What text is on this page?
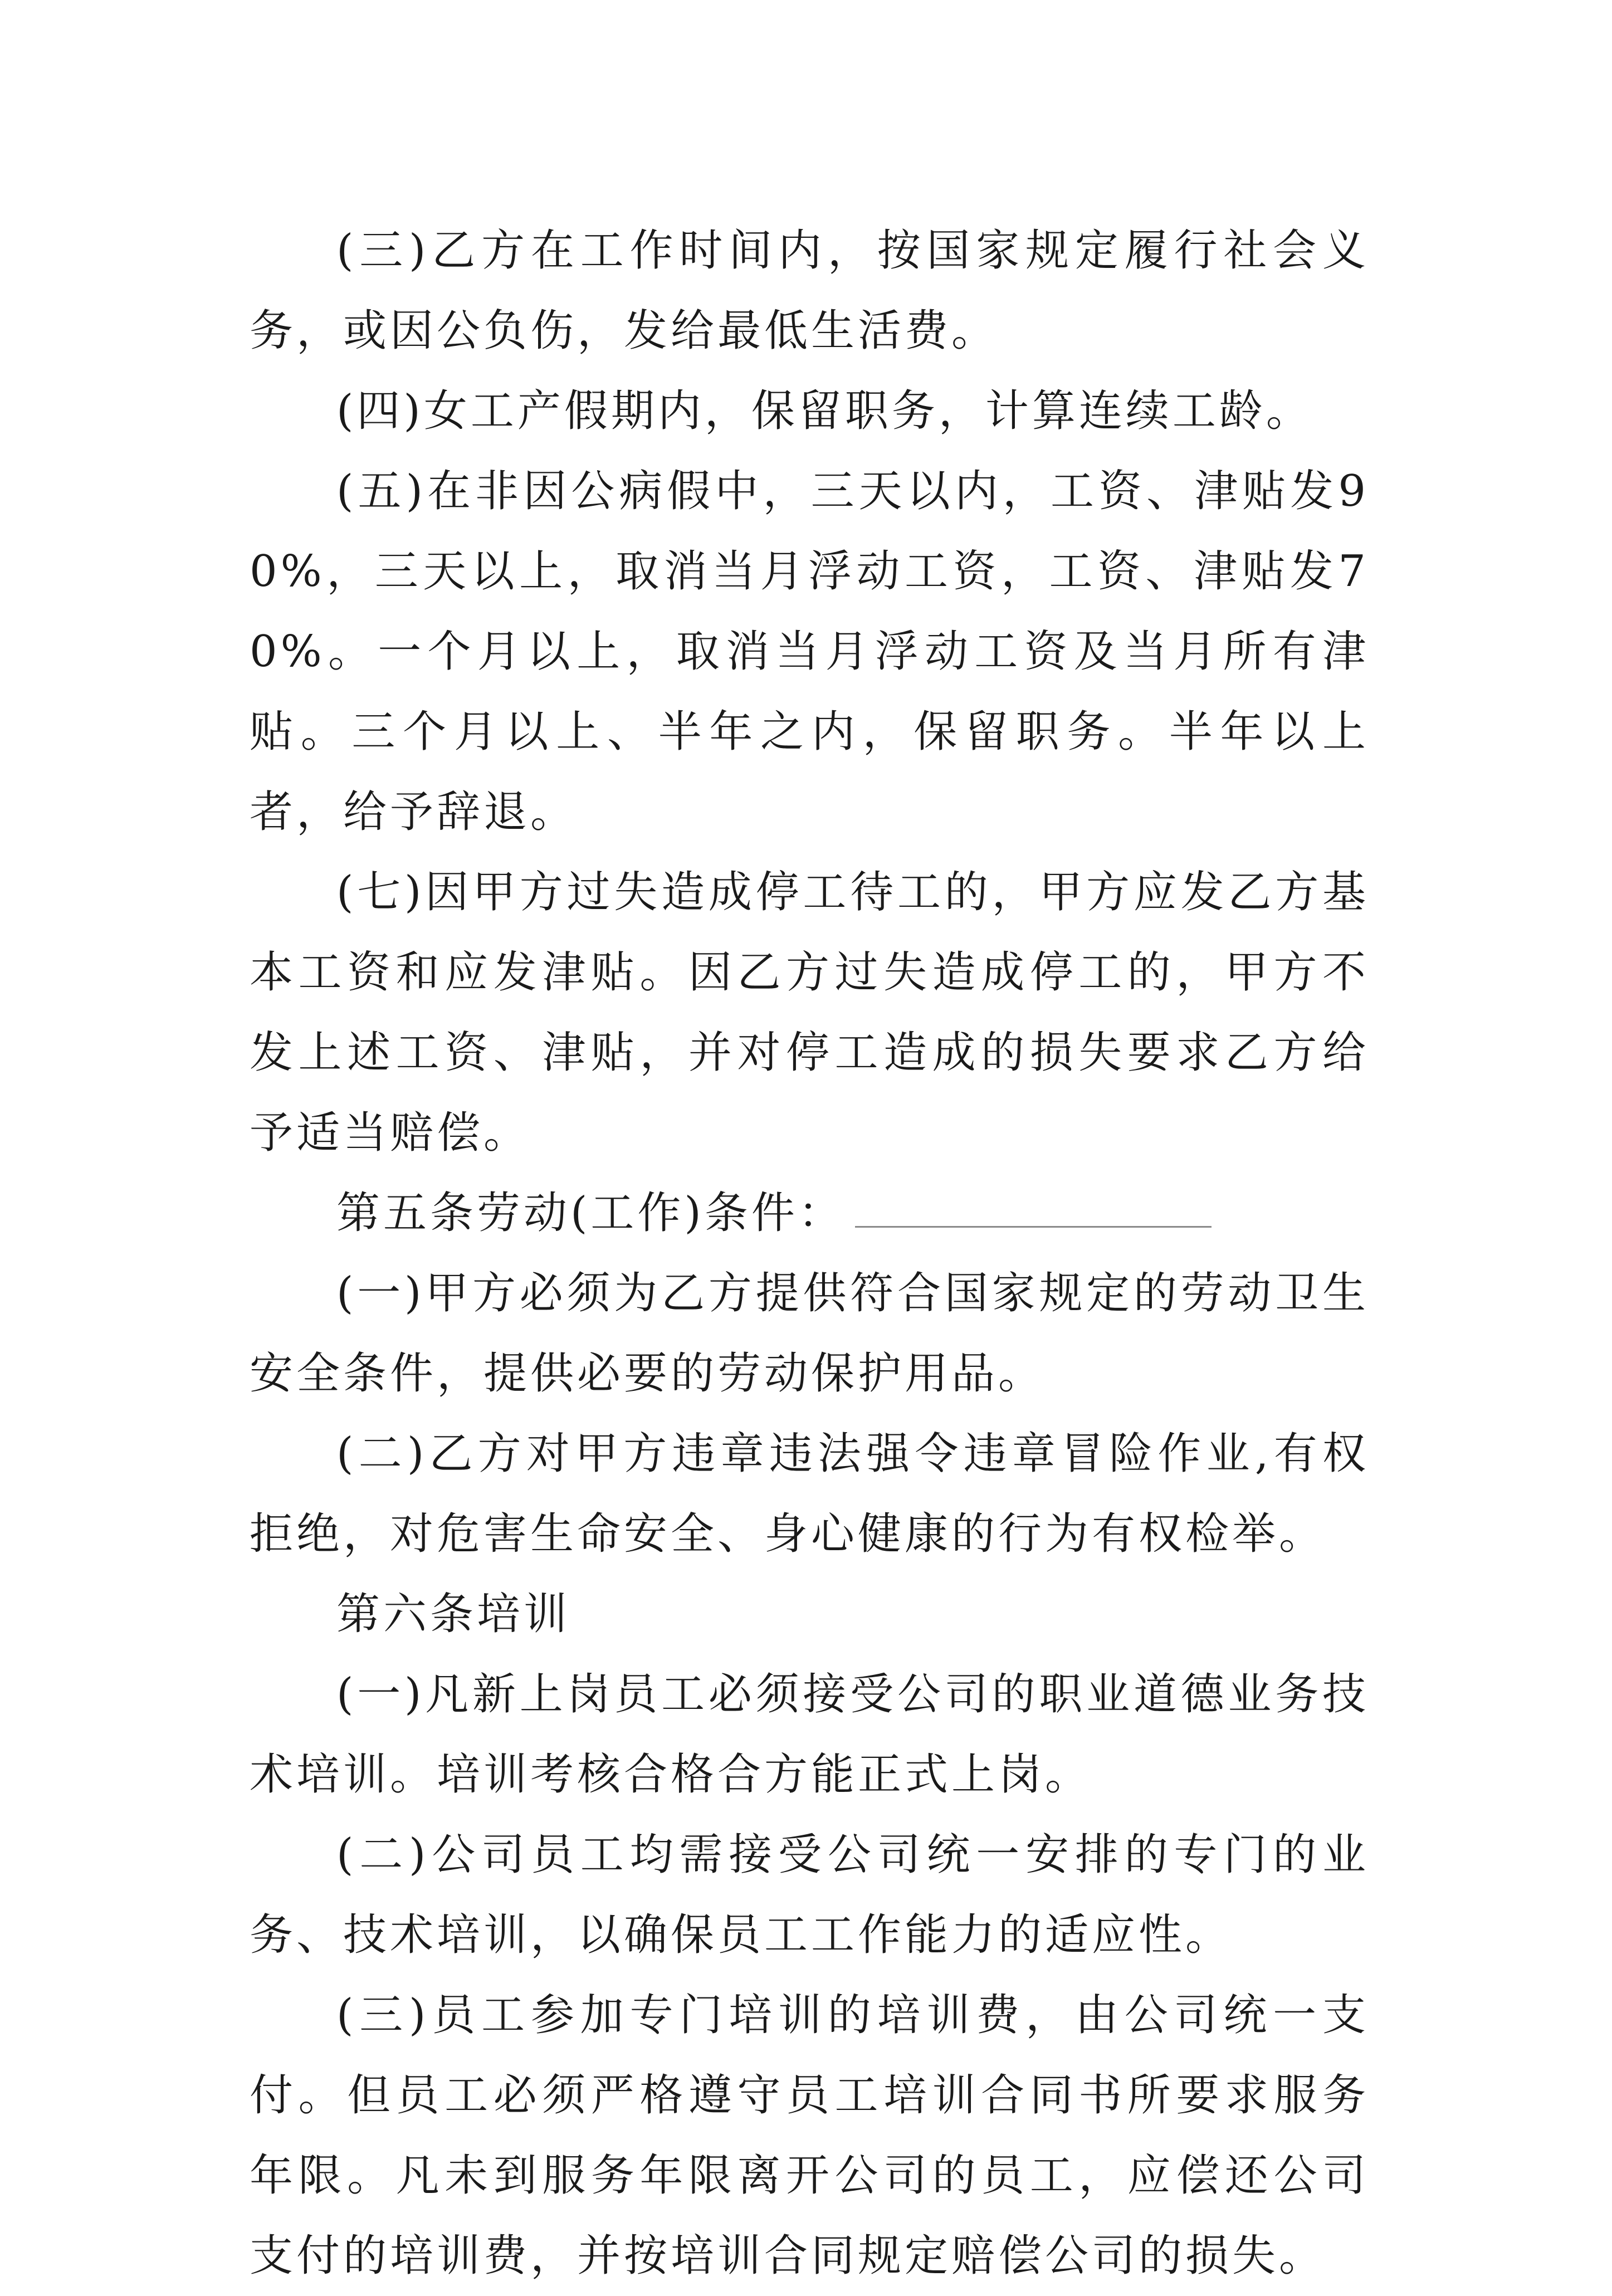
(三)乙方在工作时间内，按国家规定履行社会义务，或因公负伤，发给最低生活费。

(四)女工产假期内，保留职务，计算连续工龄。

(五)在非因公病假中，三天以内，工资、津贴发90%，三天以上，取消当月浮动工资，工资、津贴发70%。一个月以上，取消当月浮动工资及当月所有津贴。三个月以上、半年之内，保留职务。半年以上者，给予辞退。

(七)因甲方过失造成停工待工的，甲方应发乙方基本工资和应发津贴。因乙方过失造成停工的，甲方不发上述工资、津贴，并对停工造成的损失要求乙方给予适当赔偿。

第五条劳动(工作)条件：

(一)甲方必须为乙方提供符合国家规定的劳动卫生安全条件，提供必要的劳动保护用品。

(二)乙方对甲方违章违法强令违章冒险作业,有权拒绝，对危害生命安全、身心健康的行为有权检举。

第六条培训

(一)凡新上岗员工必须接受公司的职业道德业务技术培训。培训考核合格合方能正式上岗。

(二)公司员工均需接受公司统一安排的专门的业务、技术培训，以确保员工工作能力的适应性。

(三)员工参加专门培训的培训费，由公司统一支付。但员工必须严格遵守员工培训合同书所要求服务年限。凡未到服务年限离开公司的员工，应偿还公司支付的培训费，并按培训合同规定赔偿公司的损失。
